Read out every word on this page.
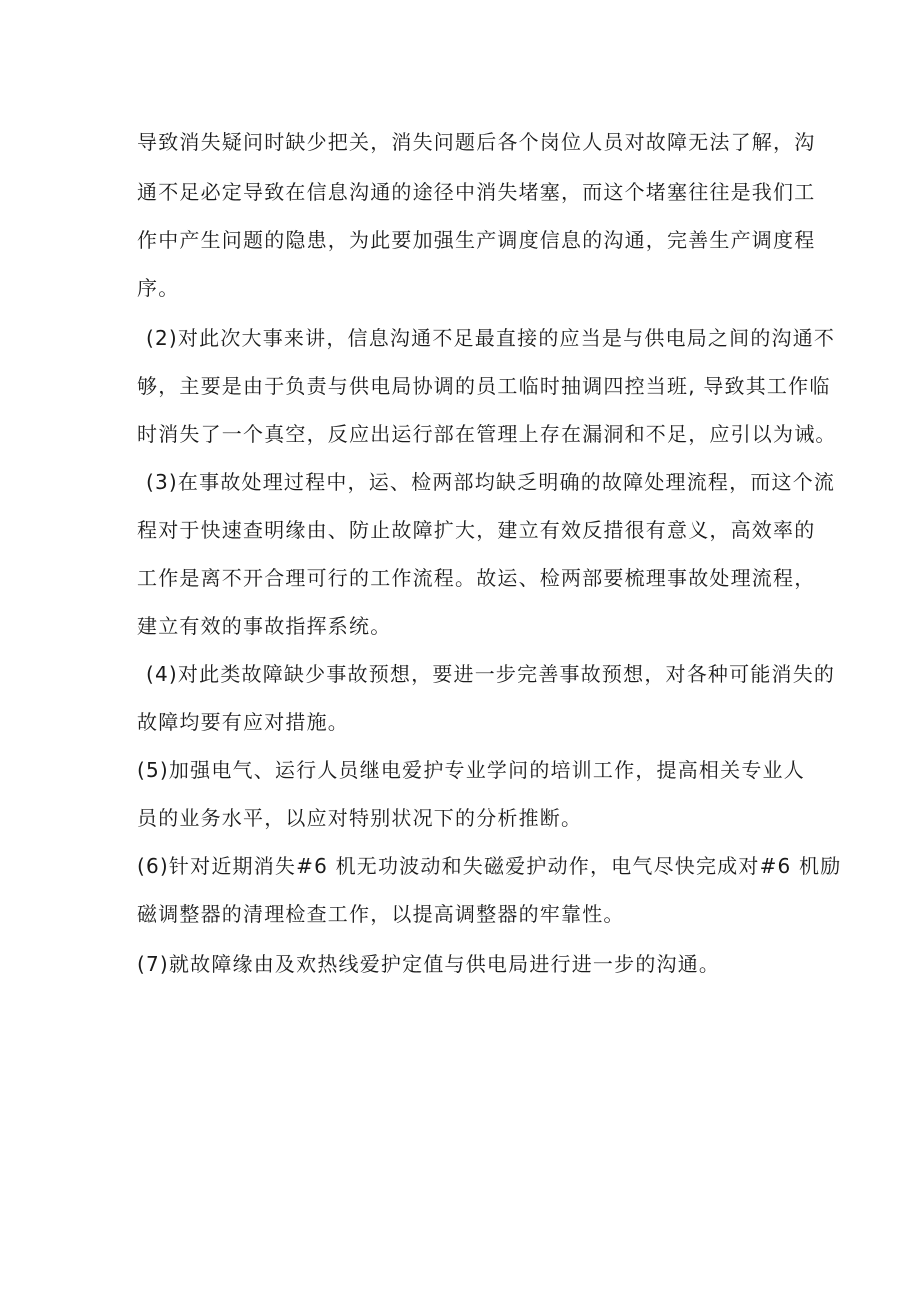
导致消失疑问时缺少把关，消失问题后各个岗位人员对故障无法了解，沟
通不足必定导致在信息沟通的途径中消失堵塞，而这个堵塞往往是我们工
作中产生问题的隐患，为此要加强生产调度信息的沟通，完善生产调度程
序。
(2)对此次大事来讲，信息沟通不足最直接的应当是与供电局之间的沟通不
够，主要是由于负责与供电局协调的员工临时抽调四控当班, 导致其工作临
时消失了一个真空，反应出运行部在管理上存在漏洞和不足，应引以为诫。
(3)在事故处理过程中，运、检两部均缺乏明确的故障处理流程，而这个流
程对于快速查明缘由、防止故障扩大，建立有效反措很有意义，高效率的
工作是离不开合理可行的工作流程。故运、检两部要梳理事故处理流程，
建立有效的事故指挥系统。
(4)对此类故障缺少事故预想，要进一步完善事故预想，对各种可能消失的
故障均要有应对措施。
(5)加强电气、运行人员继电爱护专业学问的培训工作，提高相关专业人
员的业务水平，以应对特别状况下的分析推断。
(6)针对近期消失#6 机无功波动和失磁爱护动作，电气尽快完成对#6 机励
磁调整器的清理检查工作，以提高调整器的牢靠性。
(7)就故障缘由及欢热线爱护定值与供电局进行进一步的沟通。
